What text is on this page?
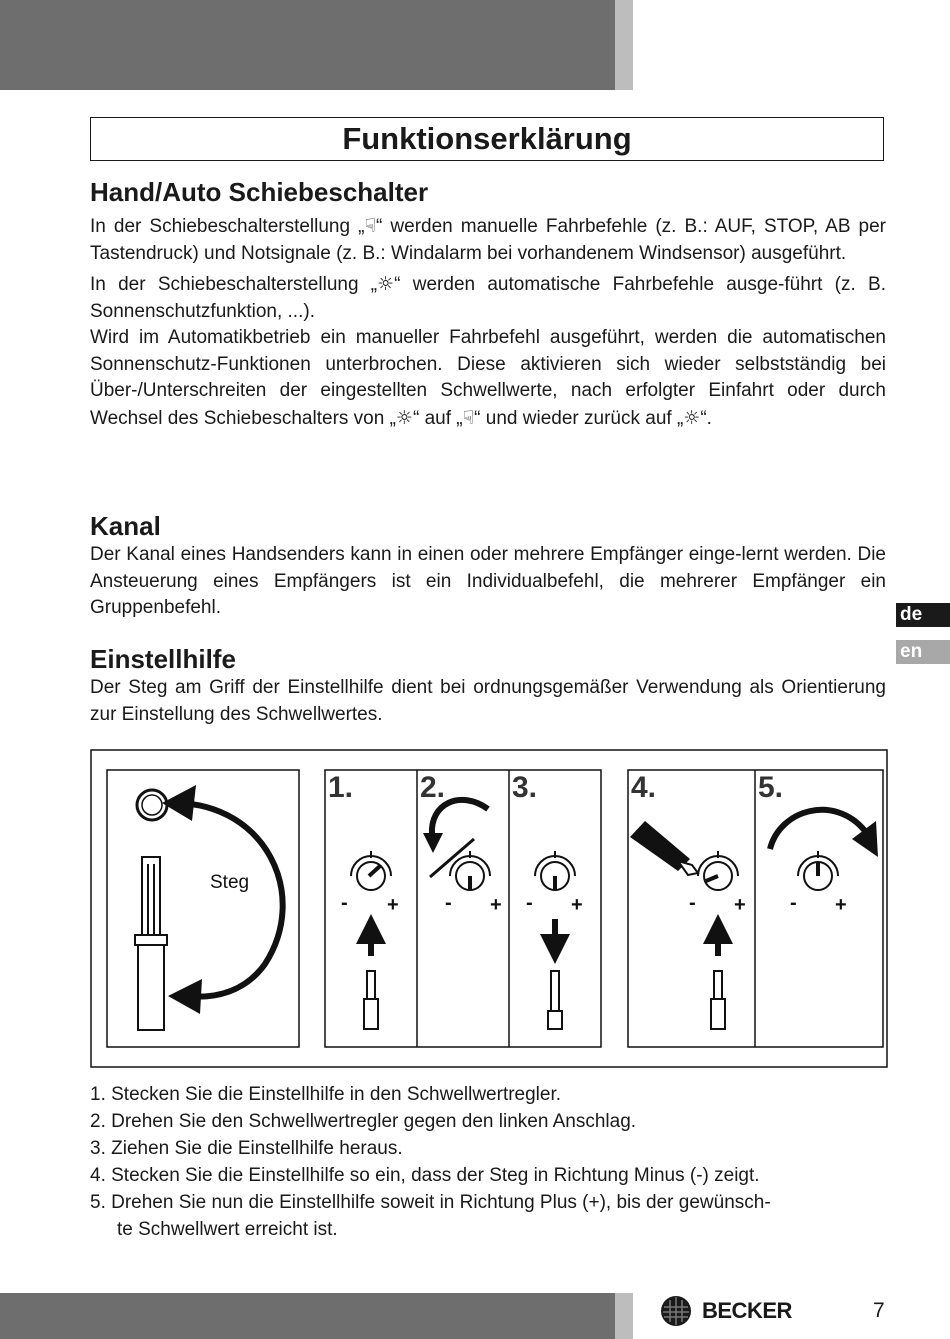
Funktionserklärung
Hand/Auto Schiebeschalter

In der Schiebeschalterstellung „☟“ werden manuelle Fahrbefehle (z. B.: AUF, STOP, AB per Tastendruck) und Notsignale (z. B.: Windalarm bei vorhandenem Windsensor) ausgeführt.

In der Schiebeschalterstellung „☼“ werden automatische Fahrbefehle ausge-führt (z. B. Sonnenschutzfunktion, ...).

Wird im Automatikbetrieb ein manueller Fahrbefehl ausgeführt, werden die automatischen Sonnenschutz-Funktionen unterbrochen. Diese aktivieren sich wieder selbstständig bei Über-/Unterschreiten der eingestellten Schwellwerte, nach erfolgter Einfahrt oder durch Wechsel des Schiebeschalters von „☼“ auf „☟“ und wieder zurück auf „☼“.

Kanal

Der Kanal eines Handsenders kann in einen oder mehrere Empfänger einge-lernt werden. Die Ansteuerung eines Empfängers ist ein Individualbefehl, die mehrerer Empfänger ein Gruppenbefehl.

Einstellhilfe

Der Steg am Griff der Einstellhilfe dient bei ordnungsgemäßer Verwendung als Orientierung zur Einstellung des Schwellwertes.

de
en
Steg
1. 2. 3.
- + - + - +
4.	5.
- + - +
1. Stecken Sie die Einstellhilfe in den Schwellwertregler.
2. Drehen Sie den Schwellwertregler gegen den linken Anschlag.
3. Ziehen Sie die Einstellhilfe heraus.
4. Stecken Sie die Einstellhilfe so ein, dass der Steg in Richtung Minus (-) zeigt.
5. Drehen Sie nun die Einstellhilfe soweit in Richtung Plus (+), bis der gewünsch-
te Schwellwert erreicht ist.
BECKER	7
